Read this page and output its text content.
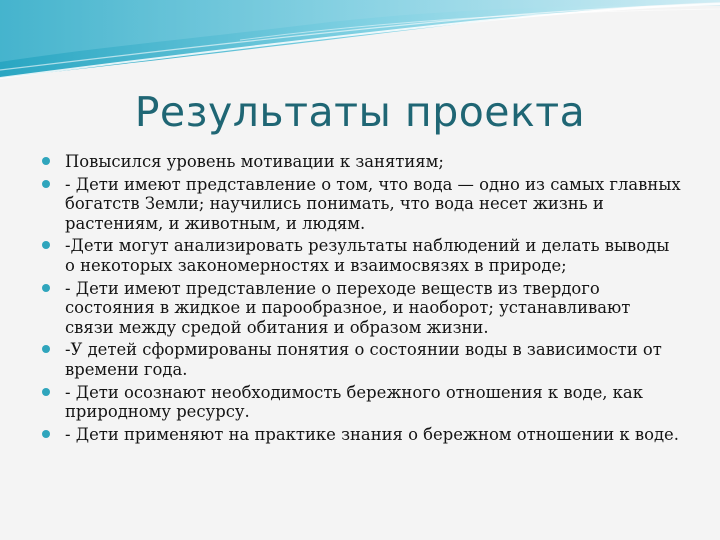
Результаты проекта
Повысился уровень мотивации к занятиям;
- Дети имеют представление о том, что вода — одно из самых главных богатств Земли; научились понимать, что вода несет жизнь и растениям, и животным, и людям.
-Дети могут анализировать результаты наблюдений и делать выводы о некоторых закономерностях и взаимосвязях в природе;
- Дети имеют представление о переходе веществ из твердого состояния в жидкое и парообразное, и наоборот; устанавливают связи между средой обитания и образом жизни.
-У детей сформированы понятия о состоянии воды в зависимости от времени года.
- Дети осознают необходимость бережного отношения к воде, как природному ресурсу.
- Дети применяют на практике знания о бережном отношении к воде.
